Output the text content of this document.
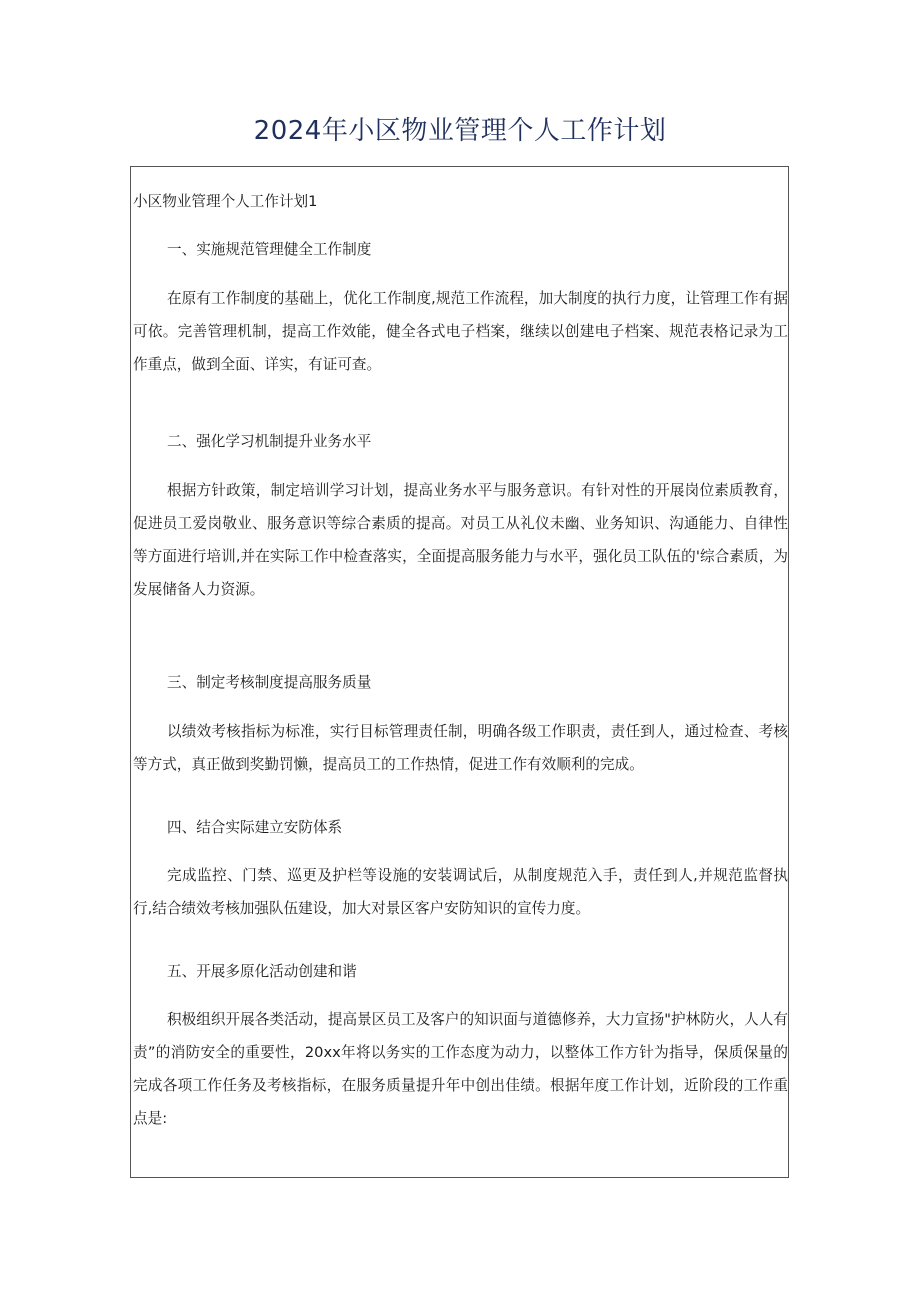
2024年小区物业管理个人工作计划

小区物业管理个人工作计划1

一、实施规范管理健全工作制度

在原有工作制度的基础上，优化工作制度,规范工作流程，加大制度的执行力度，让管理工作有据可依。完善管理机制，提高工作效能，健全各式电子档案，继续以创建电子档案、规范表格记录为工作重点，做到全面、详实，有证可查。

二、强化学习机制提升业务水平

根据方针政策，制定培训学习计划，提高业务水平与服务意识。有针对性的开展岗位素质教育，促进员工爱岗敬业、服务意识等综合素质的提高。对员工从礼仪未幽、业务知识、沟通能力、自律性等方面进行培训,并在实际工作中检查落实，全面提高服务能力与水平，强化员工队伍的'综合素质，为发展储备人力资源。

三、制定考核制度提高服务质量

以绩效考核指标为标准，实行目标管理责任制，明确各级工作职责，责任到人，通过检查、考核等方式，真正做到奖勤罚懒，提高员工的工作热情，促进工作有效顺利的完成。

四、结合实际建立安防体系

完成监控、门禁、巡更及护栏等设施的安装调试后，从制度规范入手，责任到人,并规范监督执行,结合绩效考核加强队伍建设，加大对景区客户安防知识的宣传力度。

五、开展多原化活动创建和谐

积极组织开展各类活动，提高景区员工及客户的知识面与道德修养，大力宣扬"护林防火，人人有责”的消防安全的重要性，20xx年将以务实的工作态度为动力，以整体工作方针为指导，保质保量的完成各项工作任务及考核指标，在服务质量提升年中创出佳绩。根据年度工作计划，近阶段的工作重点是:
